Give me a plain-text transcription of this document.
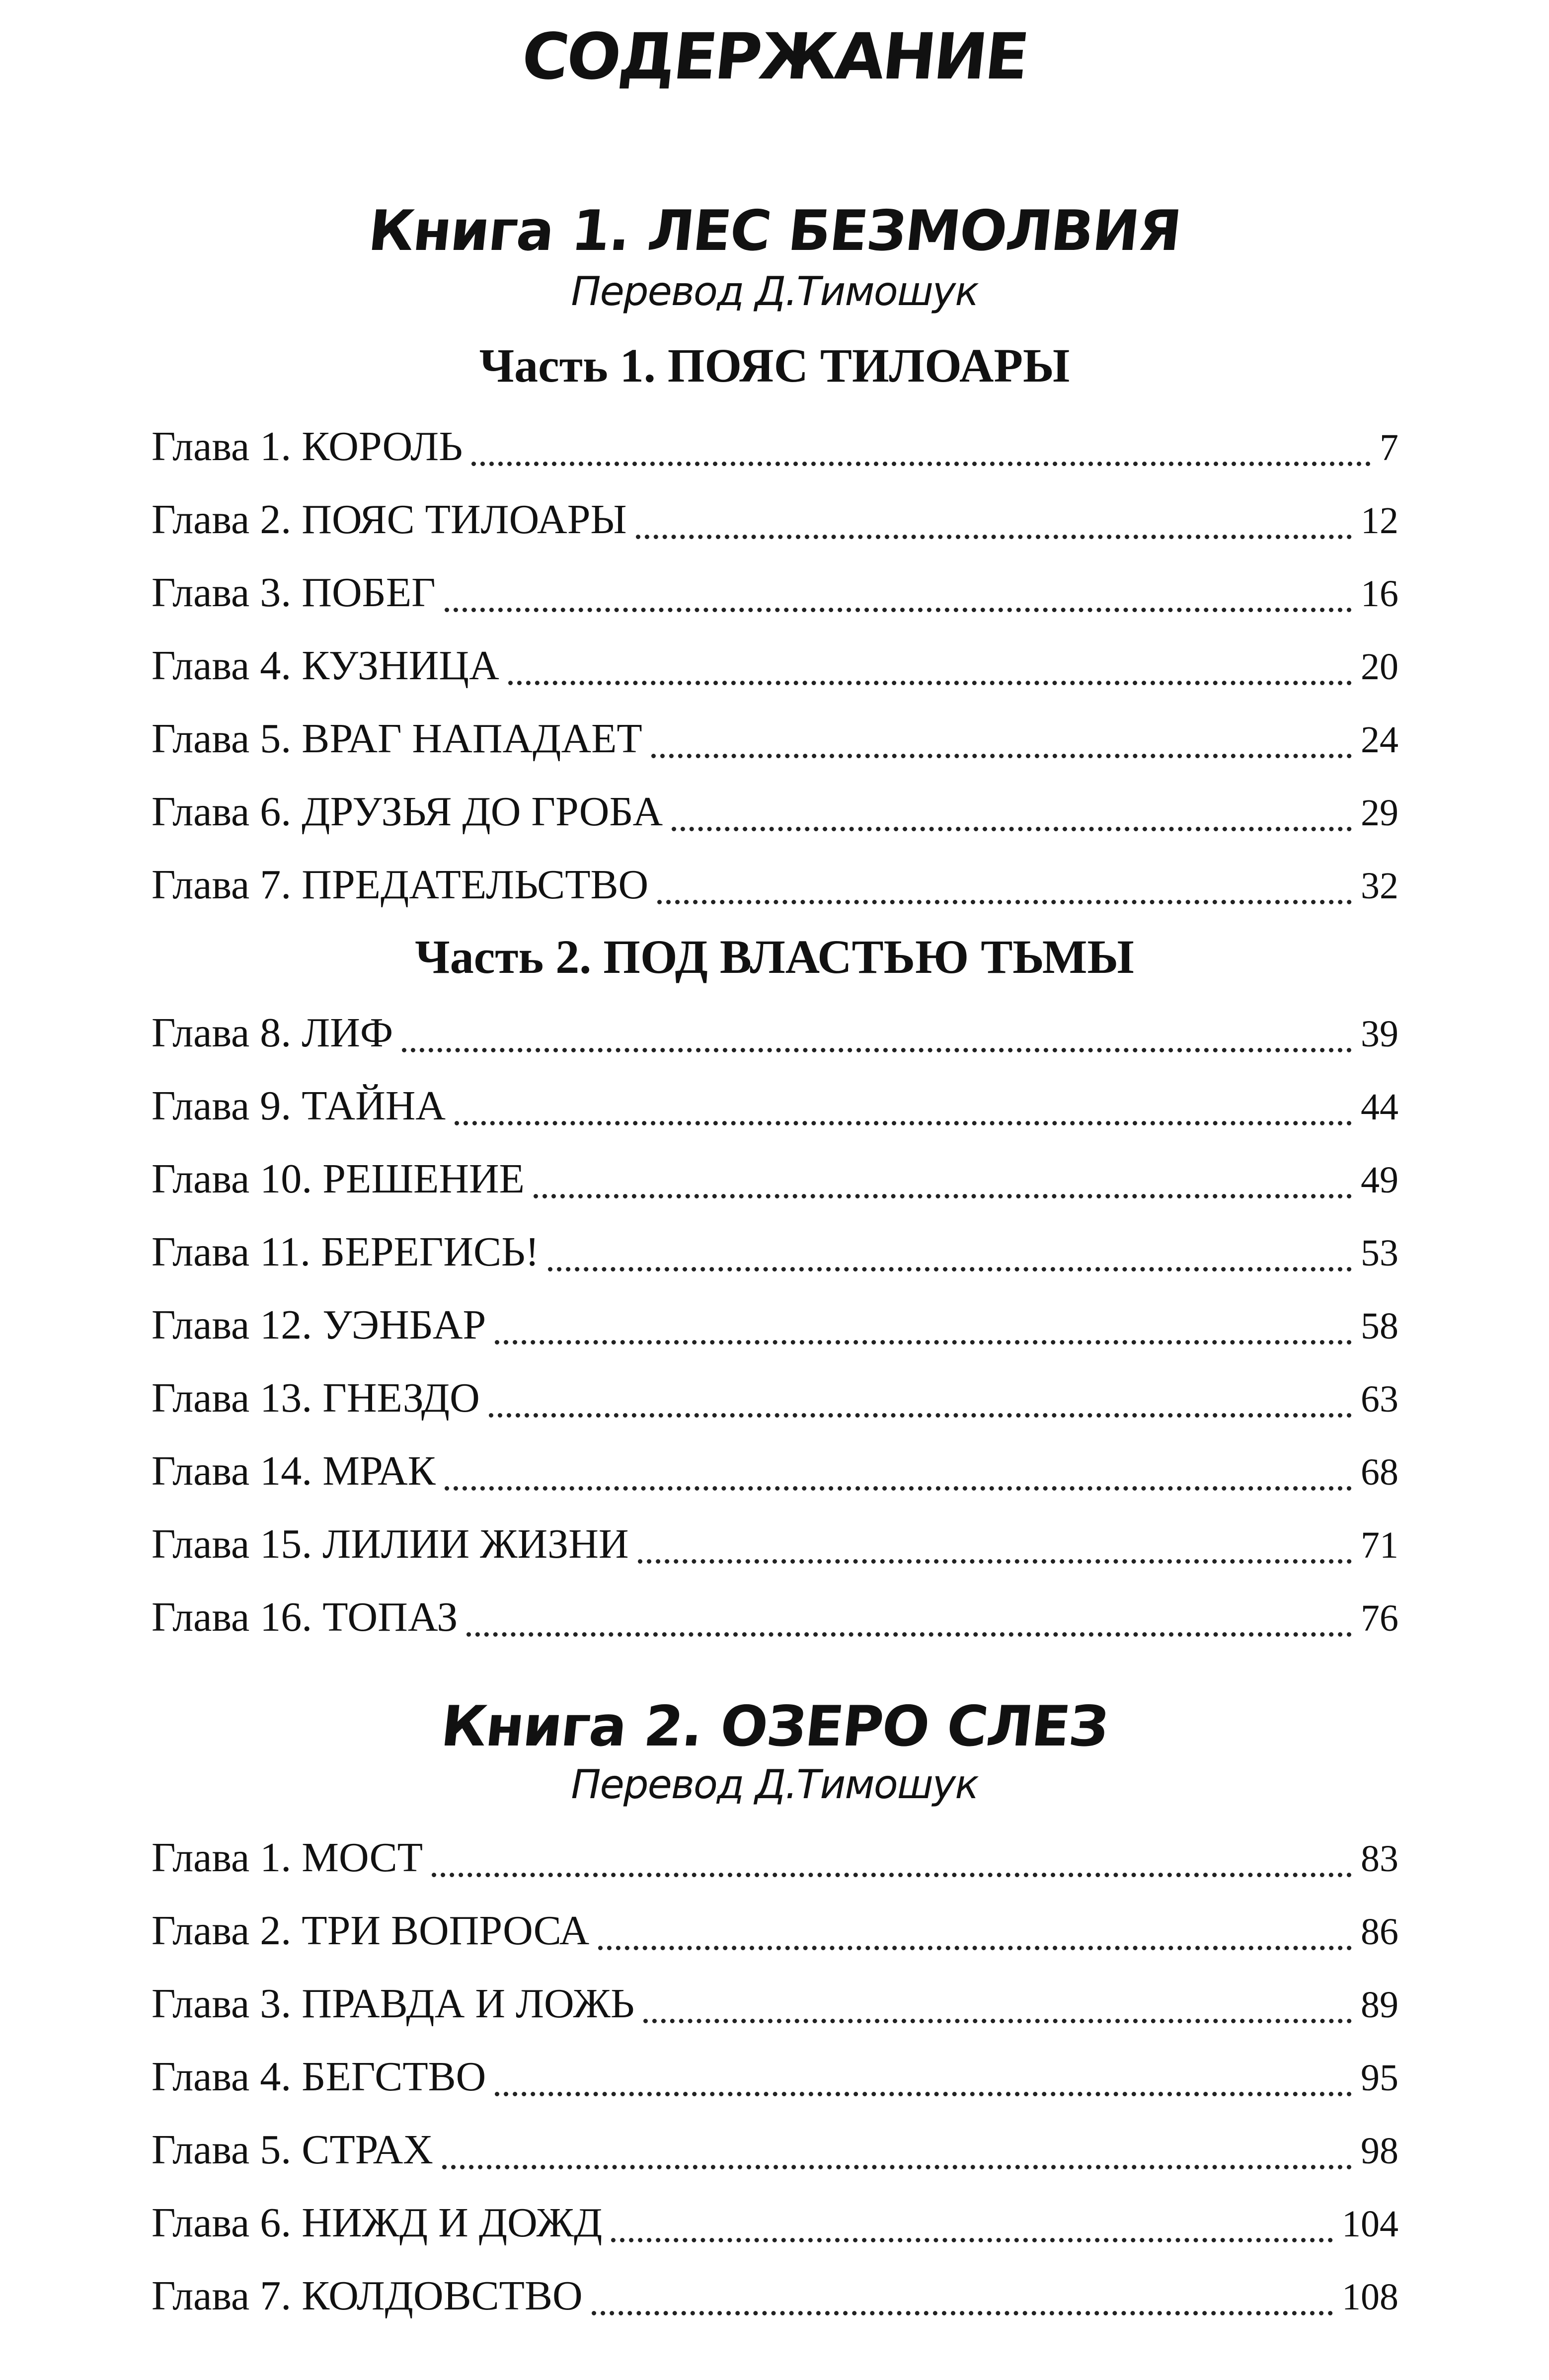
СОДЕРЖАНИЕ
Книга 1. ЛЕС БЕЗМОЛВИЯ
Перевод Д.Тимошук
Часть 1. ПОЯС ТИЛОАРЫ
Глава 1. КОРОЛЬ	7
Глава 2. ПОЯС ТИЛОАРЫ	12
Глава 3. ПОБЕГ	16
Глава 4. КУЗНИЦА	20
Глава 5. ВРАГ НАПАДАЕТ	24
Глава 6. ДРУЗЬЯ ДО ГРОБА	29
Глава 7. ПРЕДАТЕЛЬСТВО	32
Часть 2. ПОД ВЛАСТЬЮ ТЬМЫ
Глава 8. ЛИФ	39
Глава 9. ТАЙНА	44
Глава 10. РЕШЕНИЕ	49
Глава 11. БЕРЕГИСЬ!	53
Глава 12. УЭНБАР	58
Глава 13. ГНЕЗДО	63
Глава 14. МРАК	68
Глава 15. ЛИЛИИ ЖИЗНИ	71
Глава 16. ТОПАЗ	76
Книга 2. ОЗЕРО СЛЕЗ
Перевод Д.Тимошук
Глава 1. МОСТ	83
Глава 2. ТРИ ВОПРОСА	86
Глава 3. ПРАВДА И ЛОЖЬ	89
Глава 4. БЕГСТВО	95
Глава 5. СТРАХ	98
Глава 6. НИЖД И ДОЖД	104
Глава 7. КОЛДОВСТВО	108
